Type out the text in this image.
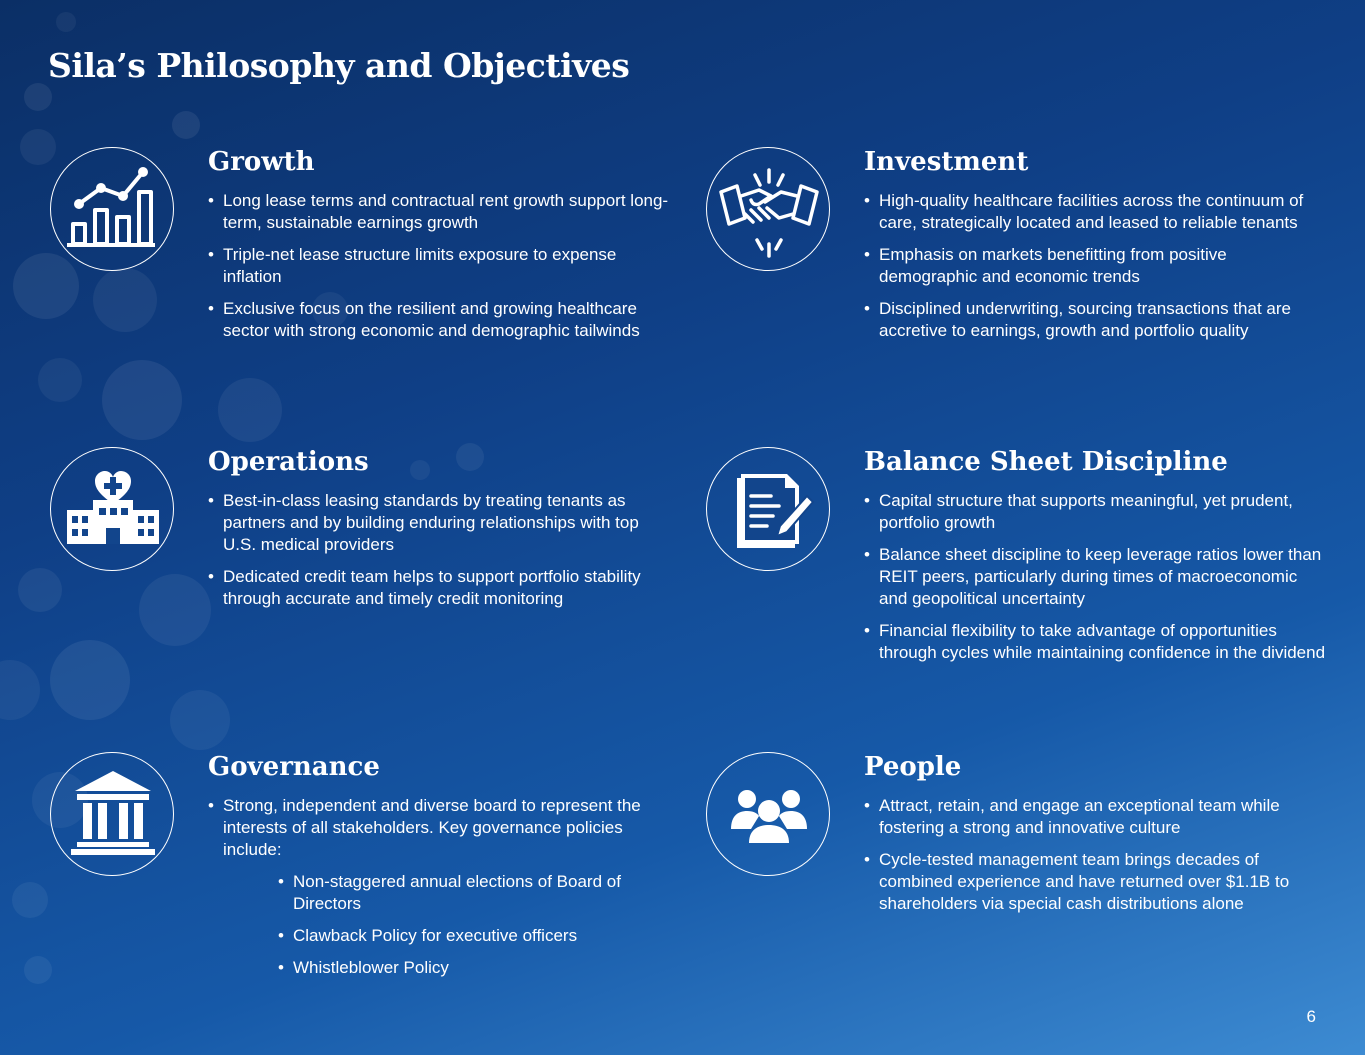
Sila’s Philosophy and Objectives
Growth
• Long lease terms and contractual rent growth support long-term, sustainable earnings growth
• Triple-net lease structure limits exposure to expense inflation
• Exclusive focus on the resilient and growing healthcare sector with strong economic and demographic tailwinds
Investment
• High-quality healthcare facilities across the continuum of care, strategically located and leased to reliable tenants
• Emphasis on markets benefitting from positive demographic and economic trends
• Disciplined underwriting, sourcing transactions that are accretive to earnings, growth and portfolio quality
Operations
• Best-in-class leasing standards by treating tenants as partners and by building enduring relationships with top U.S. medical providers
• Dedicated credit team helps to support portfolio stability through accurate and timely credit monitoring
Balance Sheet Discipline
• Capital structure that supports meaningful, yet prudent, portfolio growth
• Balance sheet discipline to keep leverage ratios lower than REIT peers, particularly during times of macroeconomic and geopolitical uncertainty
• Financial flexibility to take advantage of opportunities through cycles while maintaining confidence in the dividend
Governance
• Strong, independent and diverse board to represent the interests of all stakeholders. Key governance policies include:
• Non-staggered annual elections of Board of Directors
• Clawback Policy for executive officers
• Whistleblower Policy
People
• Attract, retain, and engage an exceptional team while fostering a strong and innovative culture
• Cycle-tested management team brings decades of combined experience and have returned over $1.1B to shareholders via special cash distributions alone
6
